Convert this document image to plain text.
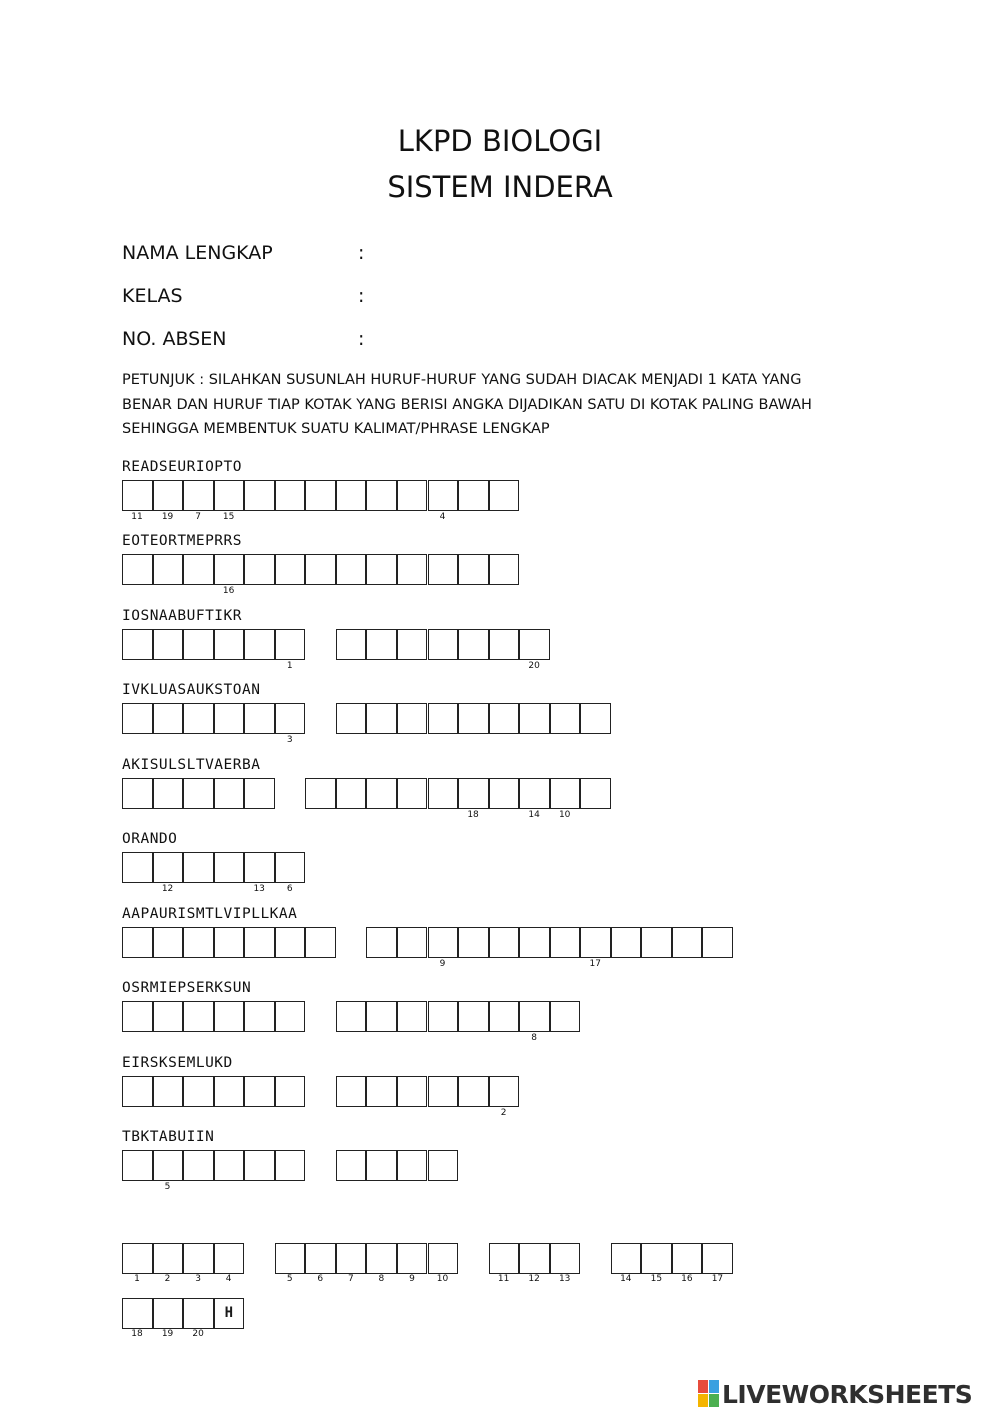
LKPD BIOLOGI
SISTEM INDERA
NAMA LENGKAP	:
KELAS	:
NO. ABSEN	:
PETUNJUK : SILAHKAN SUSUNLAH HURUF-HURUF YANG SUDAH DIACAK MENJADI 1 KATA YANG
BENAR DAN HURUF TIAP KOTAK YANG BERISI ANGKA DIJADIKAN SATU DI KOTAK PALING BAWAH
SEHINGGA MEMBENTUK SUATU KALIMAT/PHRASE LENGKAP
READSEURIOPTO
11	19	7	15	4
EOTEORTMEPRRS
16
IOSNAABUFTIKR
1	20
IVKLUASAUKSTOAN
3
AKISULSLTVAERBA
18	14	10
ORANDO
12	13	6
AAPAURISMTLVIPLLKAA
9	17
OSRMIEPSERKSUN
8
EIRSKSEMLUKD
2
TBKTABUIIN
5
1	2	3	4	5	6	7	8	9	10	11	12	13	14	15	16	17
18	19	20
H
LIVEWORKSHEETS
